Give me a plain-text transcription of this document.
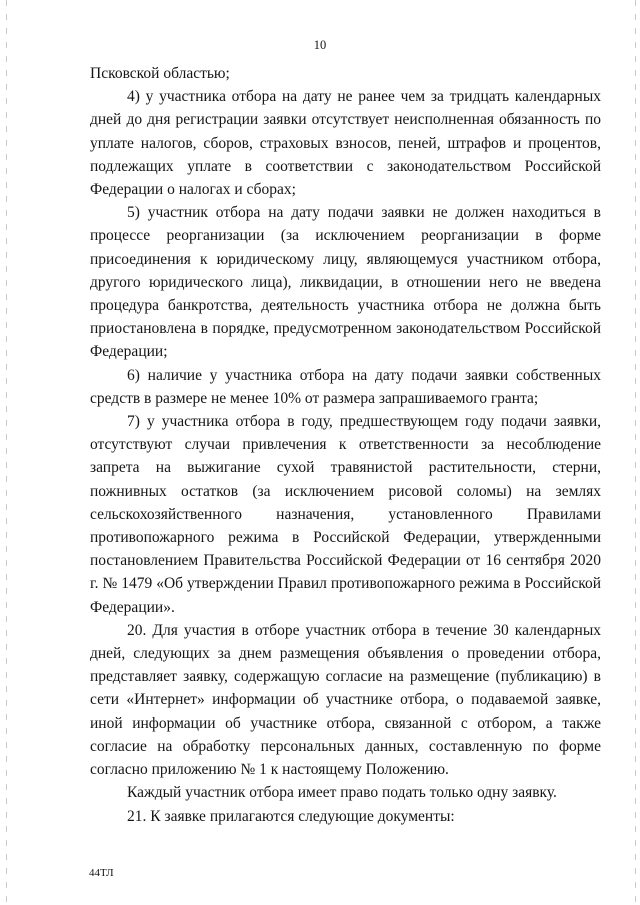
10

Псковской областью;

4) у участника отбора на дату не ранее чем за тридцать календарных дней до дня регистрации заявки отсутствует неисполненная обязанность по уплате налогов, сборов, страховых взносов, пеней, штрафов и процентов, подлежащих уплате в соответствии с законодательством Российской Федерации о налогах и сборах;

5) участник отбора на дату подачи заявки не должен находиться в процессе реорганизации (за исключением реорганизации в форме присоединения к юридическому лицу, являющемуся участником отбора, другого юридического лица), ликвидации, в отношении него не введена процедура банкротства, деятельность участника отбора не должна быть приостановлена в порядке, предусмотренном законодательством Российской Федерации;

6) наличие у участника отбора на дату подачи заявки собственных средств в размере не менее 10% от размера запрашиваемого гранта;

7) у участника отбора в году, предшествующем году подачи заявки, отсутствуют случаи привлечения к ответственности за несоблюдение запрета на выжигание сухой травянистой растительности, стерни, пожнивных остатков (за исключением рисовой соломы) на землях сельскохозяйственного назначения, установленного Правилами противопожарного режима в Российской Федерации, утвержденными постановлением Правительства Российской Федерации от 16 сентября 2020 г. № 1479 «Об утверждении Правил противопожарного режима в Российской Федерации».

20. Для участия в отборе участник отбора в течение 30 календарных дней, следующих за днем размещения объявления о проведении отбора, представляет заявку, содержащую согласие на размещение (публикацию) в сети «Интернет» информации об участнике отбора, о подаваемой заявке, иной информации об участнике отбора, связанной с отбором, а также согласие на обработку персональных данных, составленную по форме согласно приложению № 1 к настоящему Положению.

Каждый участник отбора имеет право подать только одну заявку.

21. К заявке прилагаются следующие документы:

44ТЛ
